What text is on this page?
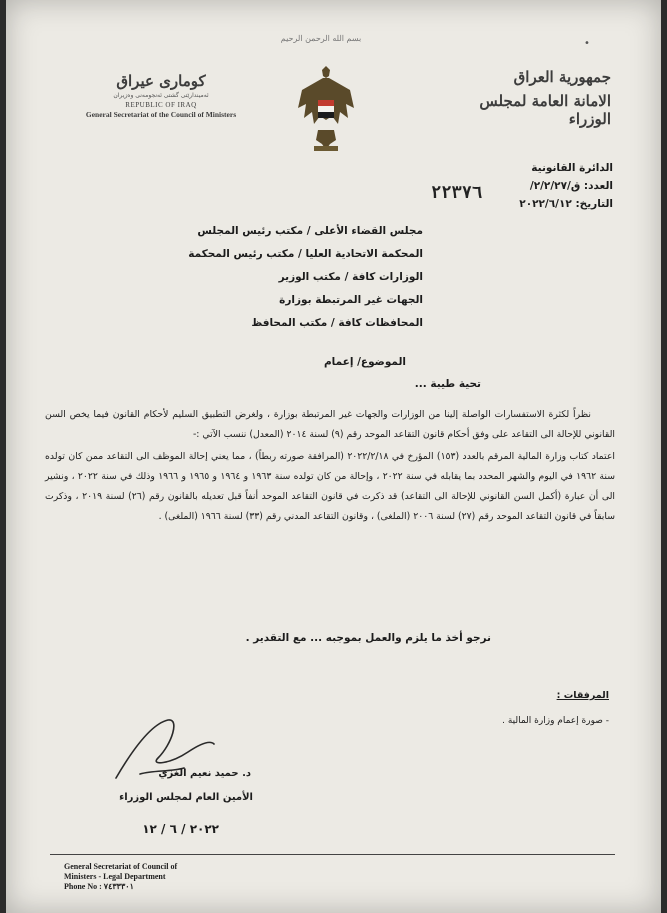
بسم الله الرحمن الرحيم	•
جمهورية العراق
الامانة العامة لمجلس الوزراء
كومارى عيراق
ئەمیندارێتی گشتی ئەنجومەنی وەزیران
REPUBLIC OF IRAQ
General Secretariat of the Council of Ministers
الدائرة القانونية
العدد: ق/٢/٢/٢٧/
التاريخ: ٢٠٢٢/٦/١٢
٢٢٣٧٦
مجلس القضاء الأعلى / مكتب رئيس المجلس
المحكمة الاتحادية العليا / مكتب رئيس المحكمة
الوزارات كافة / مكتب الوزير
الجهات غير المرتبطة بوزارة
المحافظات كافة / مكتب المحافظ
الموضوع/ إعمام
تحية طيبة ...

نظراً لكثرة الاستفسارات الواصلة إلينا من الوزارات والجهات غير المرتبطة بوزارة ، ولغرض التطبيق السليم لأحكام القانون فيما يخص السن القانوني للإحالة الى التقاعد على وفق أحكام قانون التقاعد الموحد رقم (٩) لسنة ٢٠١٤ (المعدل) ننسب الآتي :-

اعتماد كتاب وزارة المالية المرقم بالعدد (١٥٣) المؤرخ في ٢٠٢٢/٢/١٨ (المرافقة صورته ربطاً) ، مما يعني إحالة الموظف الى التقاعد ممن كان تولده سنة ١٩٦٢ في اليوم والشهر المحدد بما يقابله في سنة ٢٠٢٢ ، وإحالة من كان تولده سنة ١٩٦٣ و ١٩٦٤ و ١٩٦٥ و ١٩٦٦ وذلك في سنة ٢٠٢٢ ، ونشير الى أن عبارة (أكمل السن القانوني للإحالة الى التقاعد) قد ذكرت في قانون التقاعد الموحد أنفاً قبل تعديله بالقانون رقم (٢٦) لسنة ٢٠١٩ ، وذكرت سابقاً في قانون التقاعد الموحد رقم (٢٧) لسنة ٢٠٠٦ (الملغى) ، وقانون التقاعد المدني رقم (٣٣) لسنة ١٩٦٦ (الملغى) .

نرجو أخذ ما يلزم والعمل بموجبه ... مع التقدير .
المرفقات :
- صورة إعمام وزارة المالية .
د. حميد نعيم الغزي
الأمين العام لمجلس الوزراء
٢٠٢٢ / ٦ / ١٢
General Secretariat of Council of
Ministers - Legal Department
Phone No : ٧٤٣٣٣٠١
